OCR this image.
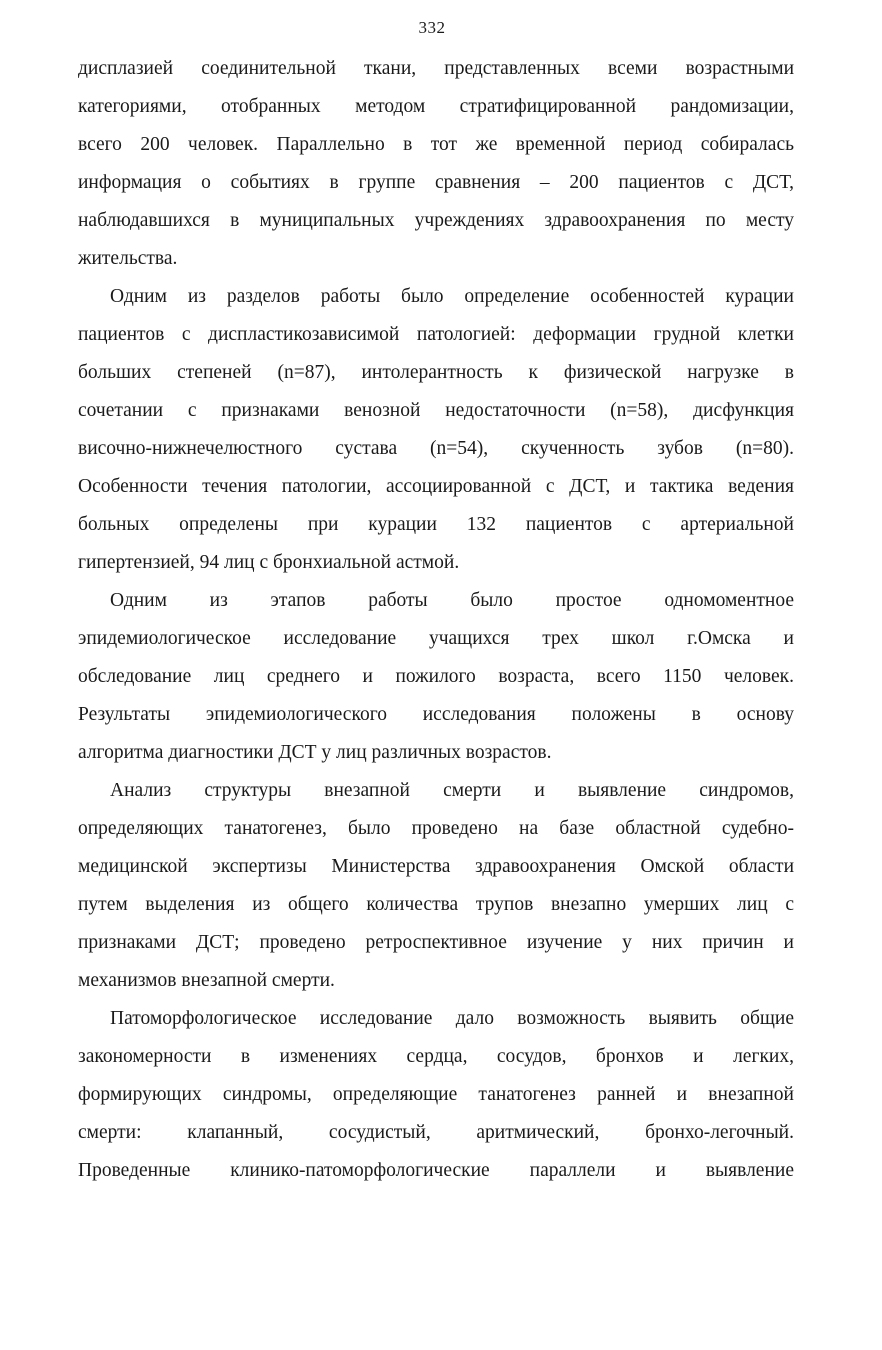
332
дисплазией соединительной ткани, представленных всеми возрастными
категориями, отобранных методом стратифицированной рандомизации,
всего 200 человек. Параллельно в тот же временной период собиралась
информация о событиях в группе сравнения – 200 пациентов с ДСТ,
наблюдавшихся в муниципальных учреждениях здравоохранения по месту
жительства.
Одним из разделов работы было определение особенностей курации
пациентов с диспластикозависимой патологией: деформации грудной клетки
больших степеней (n=87), интолерантность к физической нагрузке в
сочетании с признаками венозной недостаточности (n=58), дисфункция
височно-нижнечелюстного сустава (n=54), скученность зубов (n=80).
Особенности течения патологии, ассоциированной с ДСТ, и тактика ведения
больных определены при курации 132 пациентов с артериальной
гипертензией, 94 лиц с бронхиальной астмой.
Одним из этапов работы было простое одномоментное
эпидемиологическое исследование учащихся трех школ г.Омска и
обследование лиц среднего и пожилого возраста, всего 1150 человек.
Результаты эпидемиологического исследования положены в основу
алгоритма диагностики ДСТ у лиц различных возрастов.
Анализ структуры внезапной смерти и выявление синдромов,
определяющих танатогенез, было проведено на базе областной судебно-
медицинской экспертизы Министерства здравоохранения Омской области
путем выделения из общего количества трупов внезапно умерших лиц с
признаками ДСТ; проведено ретроспективное изучение у них причин и
механизмов внезапной смерти.
Патоморфологическое исследование дало возможность выявить общие
закономерности в изменениях сердца, сосудов, бронхов и легких,
формирующих синдромы, определяющие танатогенез ранней и внезапной
смерти: клапанный, сосудистый, аритмический, бронхо-легочный.
Проведенные клинико-патоморфологические параллели и выявление
